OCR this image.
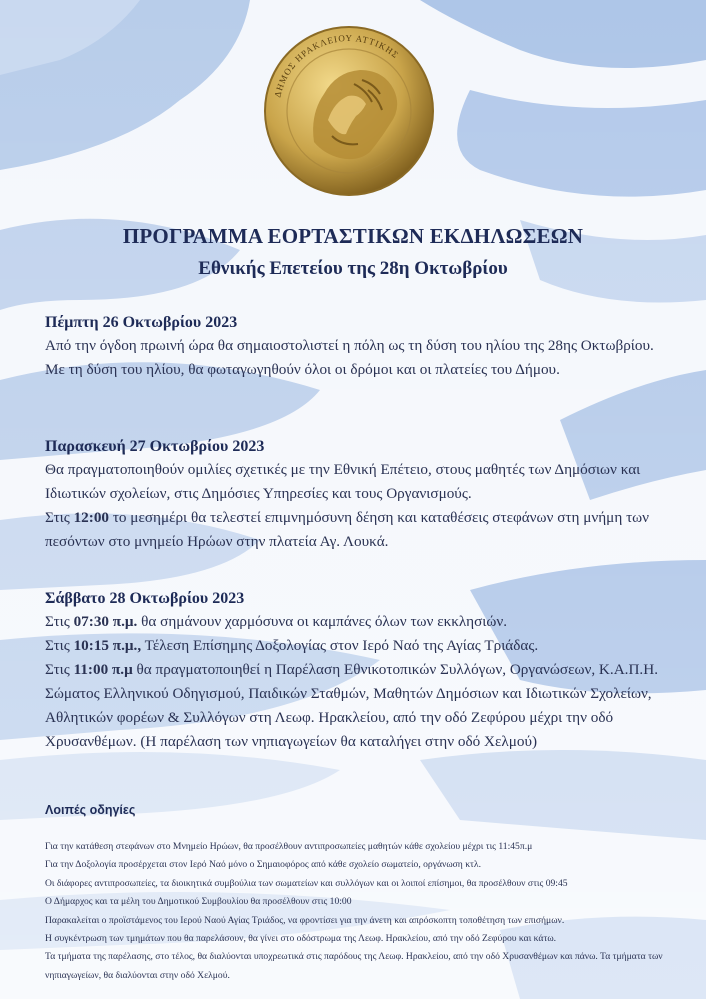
ΔΗΜΟΣ ΗΡΑΚΛΕΙΟΥ ΑΤΤΙΚΗΣ
ΠΡΟΓΡΑΜΜΑ ΕΟΡΤΑΣΤΙΚΩΝ ΕΚΔΗΛΩΣΕΩΝ
Εθνικής Επετείου της 28η Οκτωβρίου
Πέμπτη 26 Οκτωβρίου 2023
Από την όγδοη πρωινή ώρα θα σημαιοστολιστεί η πόλη ως τη δύση του ηλίου της 28ης Οκτωβρίου.
Με τη δύση του ηλίου, θα φωταγωγηθούν όλοι οι δρόμοι και οι πλατείες του Δήμου.
Παρασκευή 27 Οκτωβρίου 2023
Θα πραγματοποιηθούν ομιλίες σχετικές με την Εθνική Επέτειο, στους μαθητές των Δημόσιων και Ιδιωτικών σχολείων, στις Δημόσιες Υπηρεσίες και τους Οργανισμούς.
Στις 12:00 το μεσημέρι θα τελεστεί επιμνημόσυνη δέηση και καταθέσεις στεφάνων στη μνήμη των πεσόντων στο μνημείο Ηρώων στην πλατεία Αγ. Λουκά.
Σάββατο 28 Οκτωβρίου 2023
Στις 07:30 π.μ. θα σημάνουν χαρμόσυνα οι καμπάνες όλων των εκκλησιών.
Στις 10:15 π.μ., Τέλεση Επίσημης Δοξολογίας στον Ιερό Ναό της Αγίας Τριάδας.
Στις 11:00 π.μ θα πραγματοποιηθεί η Παρέλαση Εθνικοτοπικών Συλλόγων, Οργανώσεων, Κ.Α.Π.Η. Σώματος Ελληνικού Οδηγισμού, Παιδικών Σταθμών, Μαθητών Δημόσιων και Ιδιωτικών Σχολείων, Αθλητικών φορέων & Συλλόγων στη Λεωφ. Ηρακλείου, από την οδό Ζεφύρου μέχρι την οδό Χρυσανθέμων. (Η παρέλαση των νηπιαγωγείων θα καταλήγει στην οδό Χελμού)
Λοιπές οδηγίες
Για την κατάθεση στεφάνων στο Μνημείο Ηρώων, θα προσέλθουν αντιπροσωπείες μαθητών κάθε σχολείου μέχρι τις 11:45π.μ
Για την Δοξολογία προσέρχεται στον Ιερό Ναό μόνο ο Σημαιοφόρος από κάθε σχολείο σωματείο, οργάνωση κτλ.
Οι διάφορες αντιπροσωπείες, τα διοικητικά συμβούλια των σωματείων και συλλόγων και οι λοιποί επίσημοι, θα προσέλθουν στις 09:45
Ο Δήμαρχος και τα μέλη του Δημοτικού Συμβουλίου θα προσέλθουν στις 10:00
Παρακαλείται ο προϊστάμενος του Ιερού Ναού Αγίας Τριάδος, να φροντίσει για την άνετη και απρόσκοπτη τοποθέτηση των επισήμων.
Η συγκέντρωση των τμημάτων που θα παρελάσουν, θα γίνει στο οδόστρωμα της Λεωφ. Ηρακλείου, από την οδό Ζεφύρου και κάτω.
Τα τμήματα της παρέλασης, στο τέλος, θα διαλύονται υποχρεωτικά στις παρόδους της Λεωφ. Ηρακλείου, από την οδό Χρυσανθέμων και πάνω. Τα τμήματα των νηπιαγωγείων, θα διαλύονται στην οδό Χελμού.
